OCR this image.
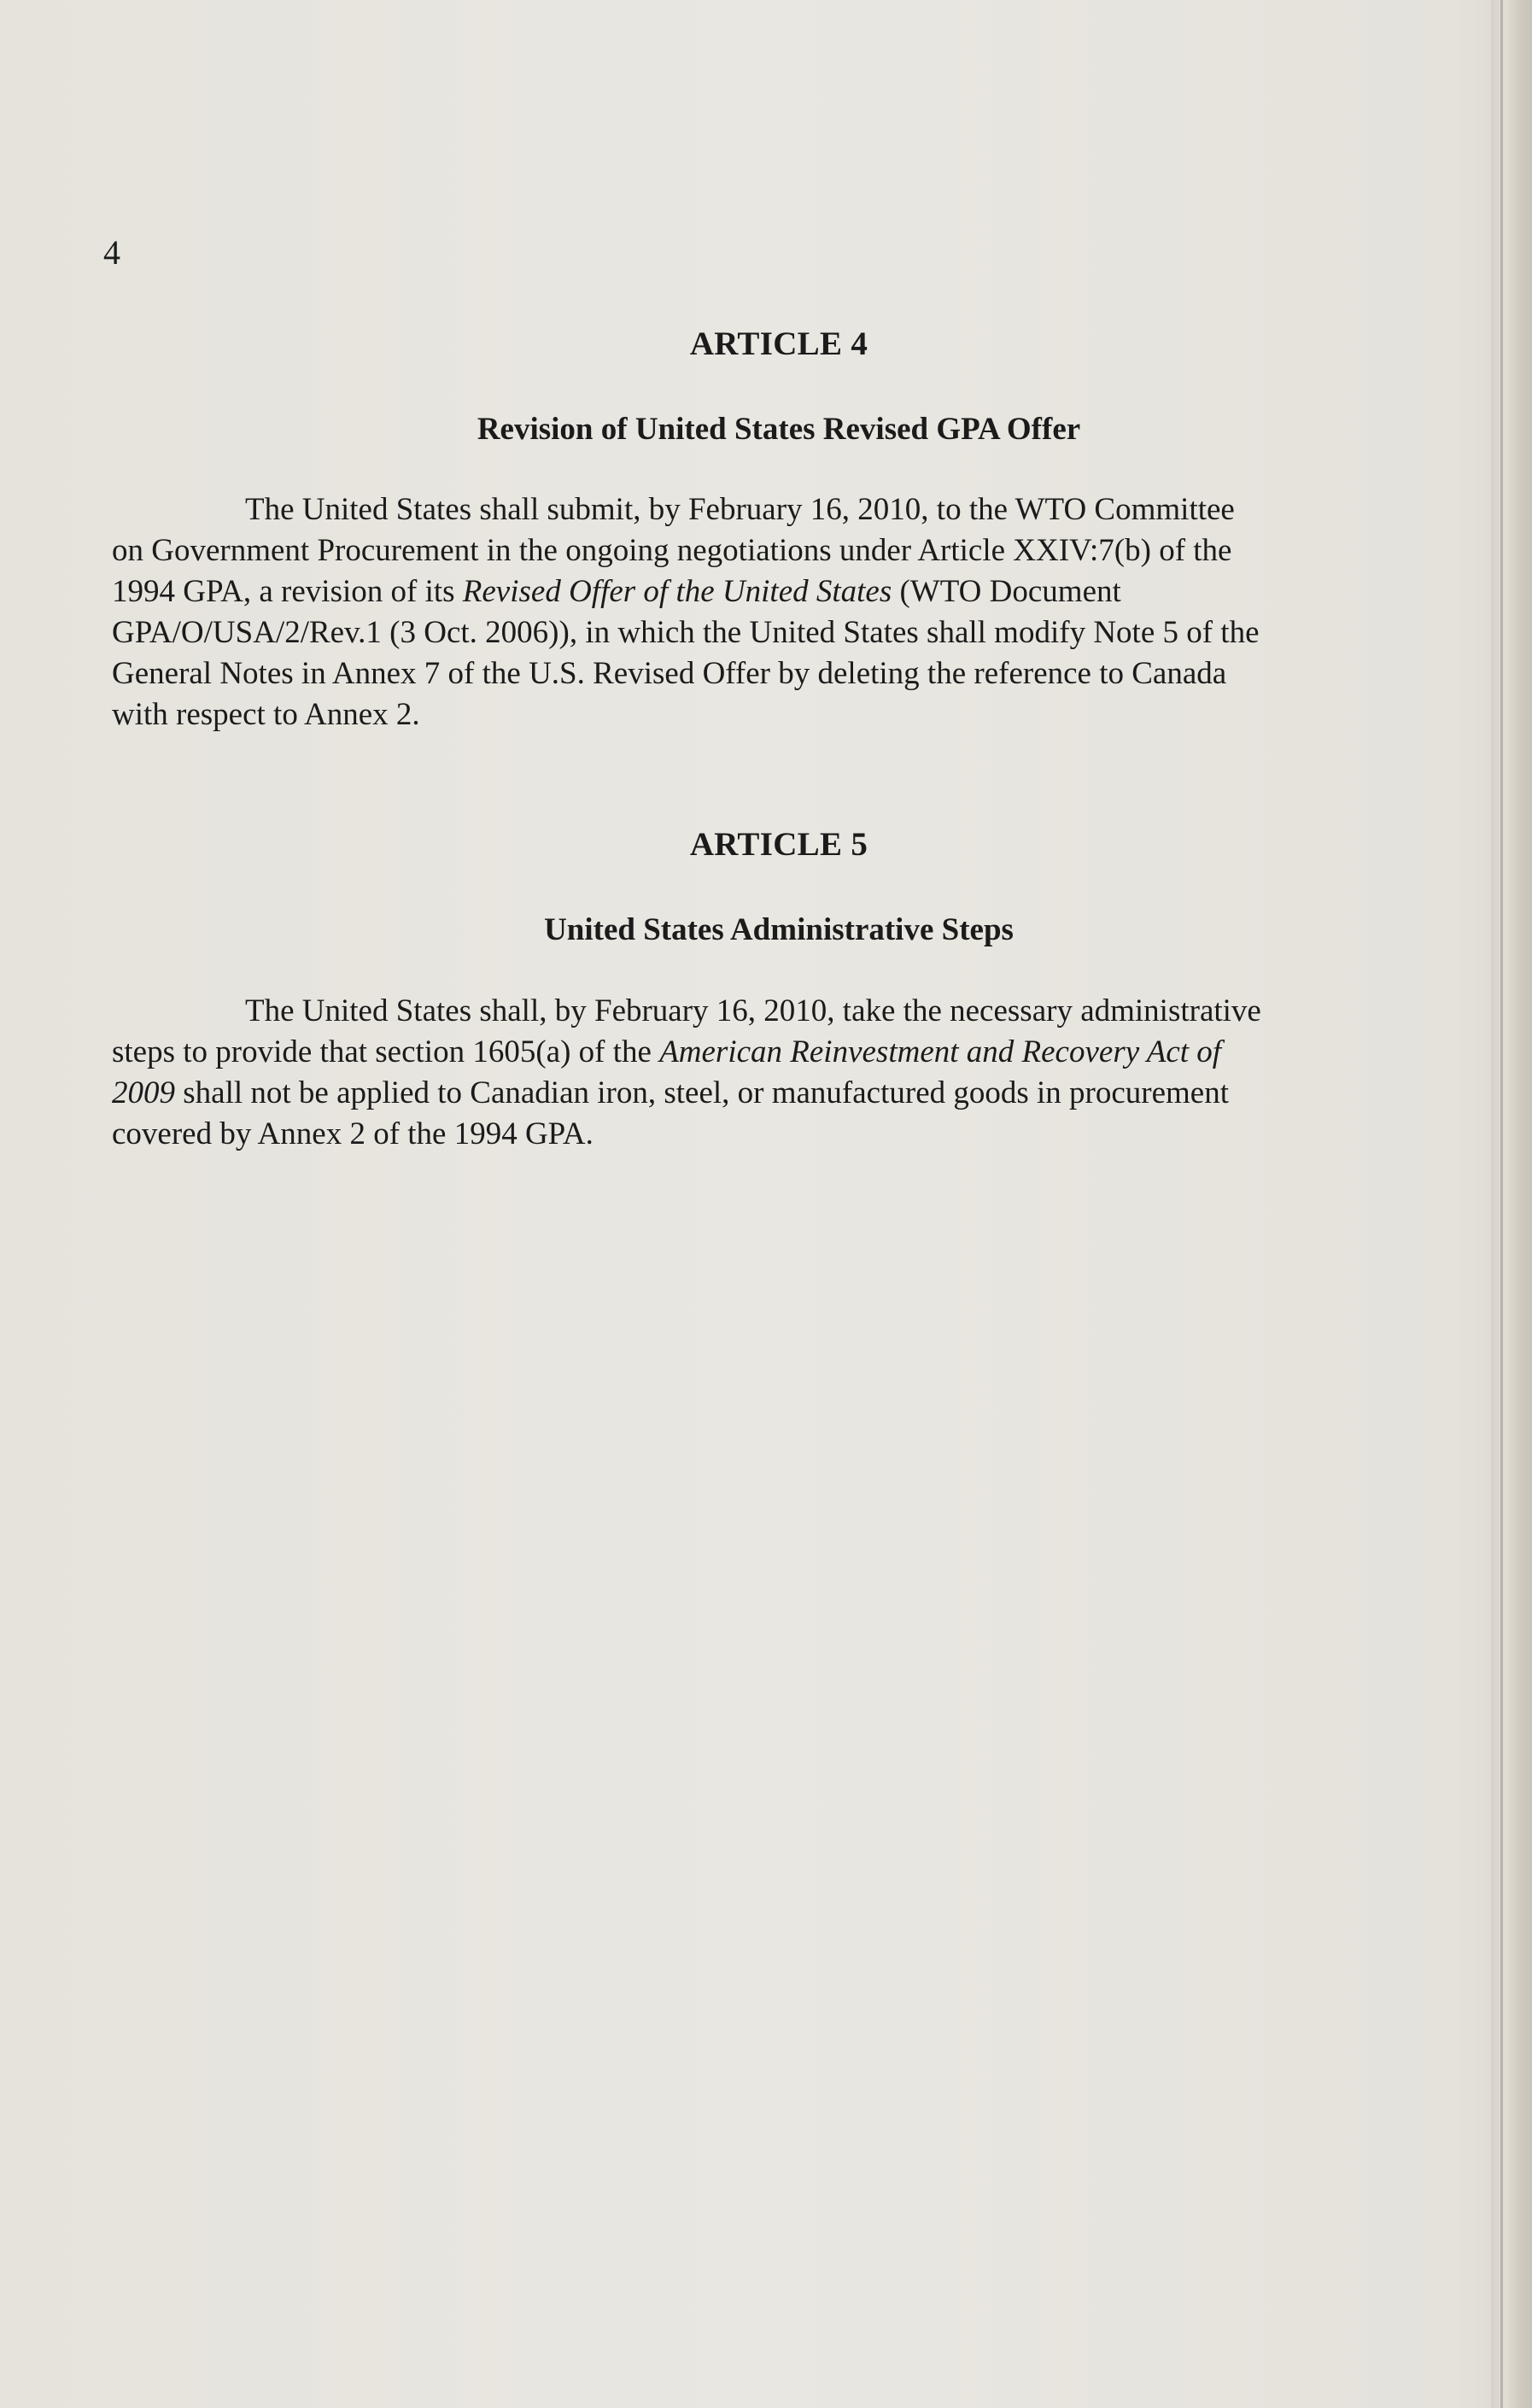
4

ARTICLE 4
Revision of United States Revised GPA Offer

The United States shall submit, by February 16, 2010, to the WTO Committee on Government Procurement in the ongoing negotiations under Article XXIV:7(b) of the 1994 GPA, a revision of its Revised Offer of the United States (WTO Document GPA/O/USA/2/Rev.1 (3 Oct. 2006)), in which the United States shall modify Note 5 of the General Notes in Annex 7 of the U.S. Revised Offer by deleting the reference to Canada with respect to Annex 2.

ARTICLE 5
United States Administrative Steps

The United States shall, by February 16, 2010, take the necessary administrative steps to provide that section 1605(a) of the American Reinvestment and Recovery Act of 2009 shall not be applied to Canadian iron, steel, or manufactured goods in procurement covered by Annex 2 of the 1994 GPA.
